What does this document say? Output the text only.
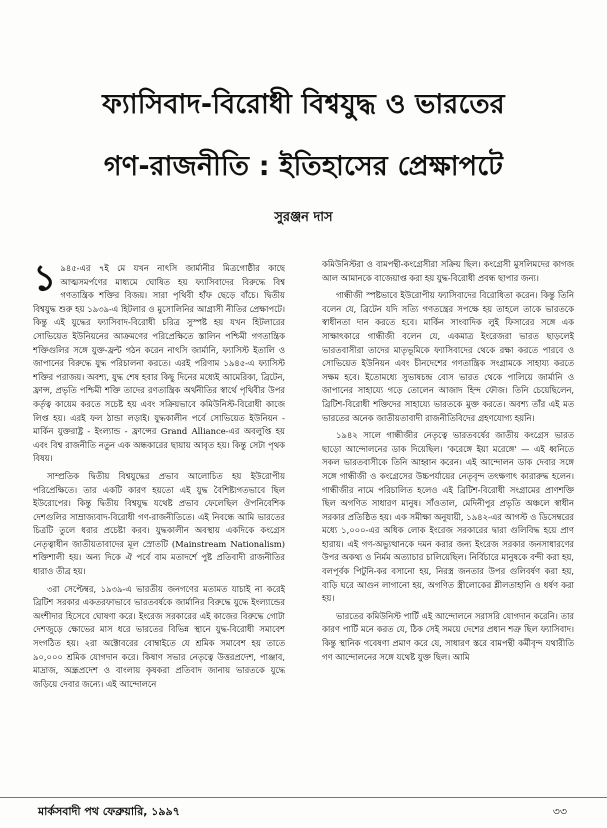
ফ্যাসিবাদ-বিরোধী বিশ্বযুদ্ধ ও ভারতের
গণ-রাজনীতি : ইতিহাসের প্রেক্ষাপটে
সুরঞ্জন দাস

১ ৯৪৫-এর ৭ই মে যখন নাৎসি জার্মানীর মিত্রগোষ্ঠীর কাছে আত্মসমর্পণের মাধ্যমে ঘোষিত হয় ফ্যাসিবাদের বিরুদ্ধে বিশ্ব গণতান্ত্রিক শক্তির বিজয়। সারা পৃথিবী হাঁফ ছেড়ে বাঁচে। দ্বিতীয় বিশ্বযুদ্ধ শুরু হয় ১৯৩৯-এ হিটলার ও মুসোলিনির আগ্রাসী নীতির প্রেক্ষাপটে। কিন্তু এই যুদ্ধের ফ্যাসিবাদ-বিরোধী চরিত্র সুস্পষ্ট হয় যখন হিটলারের সোভিয়েত ইউনিয়নের আক্রমণের পরিপ্রেক্ষিতে স্তালিন পশ্চিমী গণতান্ত্রিক শক্তিগুলির সঙ্গে যুক্ত-ফ্রন্ট গঠন করেন নাৎসি জার্মানি, ফ্যাসিস্ট ইতালি ও জাপানের বিরুদ্ধে যুদ্ধ পরিচালনা করতে। এরই পরিণাম ১৯৪৫-এ ফ্যাসিস্ট শক্তির পরাজয়। অবশ্য, যুদ্ধ শেষ হবার কিছু দিনের মধ্যেই আমেরিকা, ব্রিটেন, ফ্রান্স, প্রভৃতি পশ্চিমী শক্তি তাদের রণতান্ত্রিক অর্থনীতির স্বার্থে পৃথিবীর উপর কর্তৃত্ব কায়েম করতে সচেষ্ট হয় এবং সক্রিয়ভাবে কমিউনিস্ট-বিরোধী কাজে লিপ্ত হয়। এরই ফল ঠান্ডা লড়াই। যুদ্ধকালীন পর্বে সোভিয়েত ইউনিয়ন - মার্কিন যুক্তরাষ্ট্র - ইংল্যান্ড - ফ্রান্সের Grand Alliance-এর অবলুপ্তি হয় এবং বিশ্ব রাজনীতি নতুন এক অন্ধকারের ছায়ায় আবৃত হয়। কিন্তু সেটা পৃথক বিষয়।

সাম্প্রতিক দ্বিতীয় বিশ্বযুদ্ধের প্রভাব আলোচিত হয় ইউরোপীয় পরিপ্রেক্ষিতে। তার একটি কারণ হয়তো এই যুদ্ধ বৈশিষ্ট্যগতভাবে ছিল ইউরোপের। কিন্তু দ্বিতীয় বিশ্বযুদ্ধ যথেষ্ট প্রভাব ফেলেছিল ঔপনিবেশিক দেশগুলির সাম্রাজ্যবাদ-বিরোধী গণ-রাজনীতিতে। এই নিবন্ধে আমি ভারতের চিত্রটি তুলে ধরার প্রচেষ্টা করব। যুদ্ধকালীন অবস্থায় একদিকে কংগ্রেস নেতৃত্বাধীন জাতীয়তাবাদের মূল স্রোতটি (Mainstream Nationalism) শক্তিশালী হয়। অন্য দিকে ঐ পর্বে বাম মতাদর্শে পুষ্ট প্রতিবাদী রাজনীতির ধারাও তীব্র হয়।

৩রা সেপ্টেম্বর, ১৯৩৯-এ ভারতীয় জনগণের মতামত যাচাই না করেই ব্রিটিশ সরকার একতরফাভাবে ভারতবর্ষকে জার্মানির বিরুদ্ধে যুদ্ধে ইংল্যান্ডের অংশীদার হিসেবে ঘোষণা করে। ইংরেজ সরকারের এই কাজের বিরুদ্ধে গোটা দেশজুড়ে ক্ষোভের মাস ধরে ভারতের বিভিন্ন স্থানে যুদ্ধ-বিরোধী সমাবেশ সংগঠিত হয়। ২রা অক্টোবরের বোম্বাইতে যে শ্রমিক সমাবেশ হয় তাতে ৯০,০০০ শ্রমিক যোগদান করে। কিষাণ সভার নেতৃত্বে উত্তরপ্রদেশ, পাঞ্জাব, মাদ্রাজ, অন্ধ্রপ্রদেশ ও বাংলায় কৃষকরা প্রতিবাদ জানায় ভারতকে যুদ্ধে জড়িয়ে দেবার জন্যে। এই আন্দোলনে

কমিউনিস্টরা ও বামপন্থী-কংগ্রেসীরা সক্রিয় ছিল। কংগ্রেসী মুসলিমদের কাগজ আল আমানকে বাজেয়াপ্ত করা হয় যুদ্ধ-বিরোধী প্রবন্ধ ছাপার জন্য।

গান্ধীজী স্পষ্টভাবে ইউরোপীয় ফ্যাসিবাদের বিরোধিতা করেন। কিন্তু তিনি বলেন যে, ব্রিটেন যদি সত্যি গণতন্ত্রের সপক্ষে হয় তাহলে তাকে ভারতকে স্বাধীনতা দান করতে হবে। মার্কিন সাংবাদিক লুই ফিসারের সঙ্গে এক সাক্ষাৎকারে গান্ধীজী বলেন যে, একমাত্র ইংরেজরা ভারত ছাড়লেই ভারতবাসীরা তাদের মাতৃভূমিকে ফ্যাসিবাদের থেকে রক্ষা করতে পারবে ও সোভিয়েত ইউনিয়ন এবং চীনদেশের গণতান্ত্রিক সংগ্রামকে সাহায্য করতে সক্ষম হবে। ইতোমধ্যে সুভাষচন্দ্র বোস ভারত থেকে পালিয়ে জার্মানি ও জাপানের সাহায্যে গড়ে তোলেন আজাদ হিন্দ ফৌজ। তিনি চেয়েছিলেন, ব্রিটিশ-বিরোধী শক্তিদের সাহায্যে ভারতকে মুক্ত করতে। অবশ্য তাঁর এই মত ভারতের অনেক জাতীয়তাবাদী রাজনীতিবিদের গ্রহণযোগ্য হয়নি।

১৯৪২ সালে গান্ধীজীর নেতৃত্বে ভারতবর্ষের জাতীয় কংগ্রেস ভারত ছাড়ো আন্দোলনের ডাক দিয়েছিল। 'করেঙ্গে ইয়া মরেঙ্গে' — এই ধ্বনিতে সকল ভারতবাসীকে তিনি আহ্বান করেন। এই আন্দোলন ডাক দেবার সঙ্গে সঙ্গে গান্ধীজী ও কংগ্রেসের উচ্চপর্যায়ের নেতৃবৃন্দ তৎক্ষণাৎ কারারুদ্ধ হলেন। গান্ধীজীর নামে পরিচালিত হলেও এই ব্রিটিশ-বিরোধী সংগ্রামের প্রাণশক্তি ছিল অগণিত সাধারণ মানুষ। সাঁওতাল, মেদিনীপুর প্রভৃতি অঞ্চলে স্বাধীন সরকার প্রতিষ্ঠিত হয়। এক সমীক্ষা অনুযায়ী, ১৯৪২-এর আগস্ট ও ডিসেম্বরের মধ্যে ১,০০০-এর অধিক লোক ইংরেজ সরকারের দ্বারা গুলিবিদ্ধ হয়ে প্রাণ হারায়। এই গণ-অভ্যুত্থানকে দমন করার জন্য ইংরেজ সরকার জনসাধারণের উপর অকথ্য ও নির্মম অত্যাচার চালিয়েছিল। নির্বিচারে মানুষকে বন্দী করা হয়, বলপূর্বক পিটুনি-কর বসানো হয়, নিরস্ত্র জনতার উপর গুলিবর্ষণ করা হয়, বাড়ি ঘরে আগুন লাগানো হয়, অগণিত স্ত্রীলোকের শ্লীলতাহানি ও ধর্ষণ করা হয়।

ভারতের কমিউনিস্ট পার্টি এই আন্দোলনে সরাসরি যোগদান করেনি। তার কারণ পার্টি মনে করত যে, ঠিক সেই সময়ে দেশের প্রধান শত্রু ছিল ফ্যাসিবাদ। কিন্তু স্থানিক গবেষণা প্রমাণ করে যে, সাধারণ স্তরে বামপন্থী কর্মীবৃন্দ যথারীতি গণ আন্দোলনের সঙ্গে যথেষ্ট যুক্ত ছিল। আমি

মার্কসবাদী পথ ফেব্রুয়ারি, ১৯৯৭	৩৩
